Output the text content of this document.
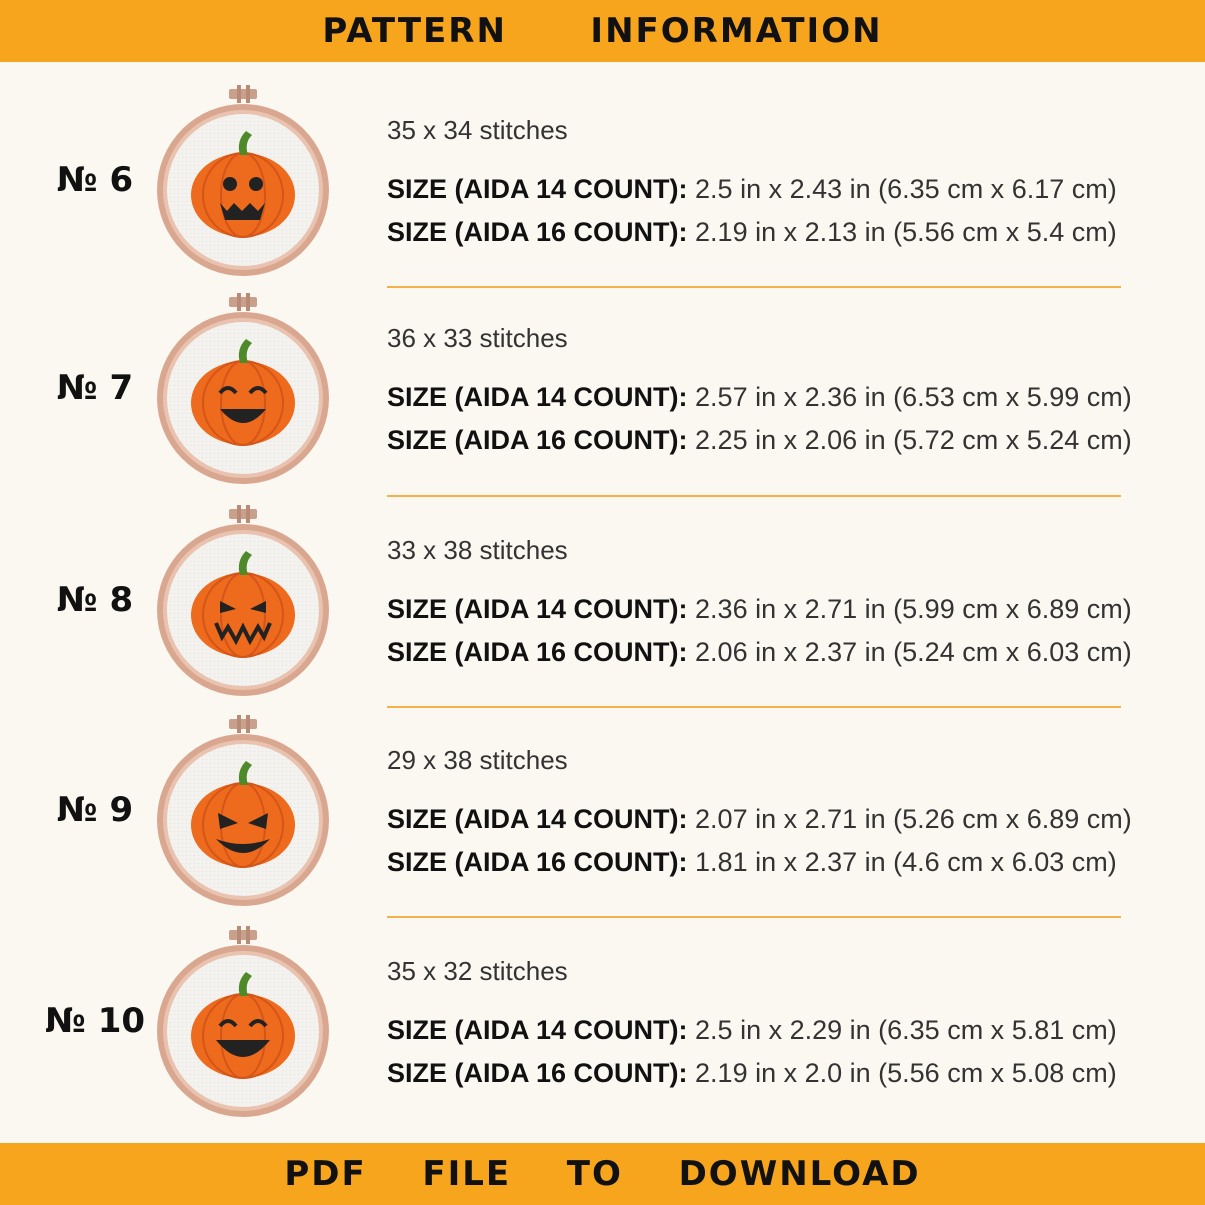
PATTERN   INFORMATION
№ 6
35 x 34 stitches
SIZE (AIDA 14 COUNT): 2.5 in x 2.43 in (6.35 cm x 6.17 cm)
SIZE (AIDA 16 COUNT): 2.19 in x 2.13 in (5.56 cm x 5.4 cm)
№ 7
36 x 33 stitches
SIZE (AIDA 14 COUNT): 2.57 in x 2.36 in (6.53 cm x 5.99 cm)
SIZE (AIDA 16 COUNT): 2.25 in x 2.06 in (5.72 cm x 5.24 cm)
№ 8
33 x 38 stitches
SIZE (AIDA 14 COUNT): 2.36 in x 2.71 in (5.99 cm x 6.89 cm)
SIZE (AIDA 16 COUNT): 2.06 in x 2.37 in (5.24 cm x 6.03 cm)
№ 9
29 x 38 stitches
SIZE (AIDA 14 COUNT): 2.07 in x 2.71 in (5.26 cm x 6.89 cm)
SIZE (AIDA 16 COUNT): 1.81 in x 2.37 in (4.6 cm x 6.03 cm)
№ 10
35 x 32 stitches
SIZE (AIDA 14 COUNT): 2.5 in x 2.29 in (6.35 cm x 5.81 cm)
SIZE (AIDA 16 COUNT): 2.19 in x 2.0 in (5.56 cm x 5.08 cm)
PDF  FILE  TO  DOWNLOAD
